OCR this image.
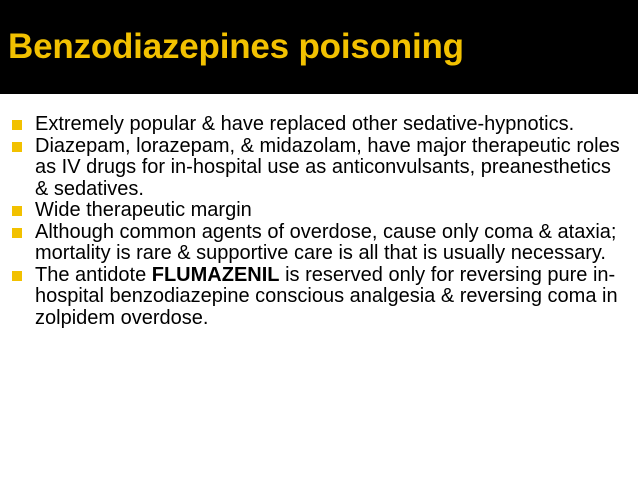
Benzodiazepines poisoning
Extremely popular & have replaced other sedative-hypnotics.
Diazepam, lorazepam, & midazolam, have major therapeutic roles as IV drugs for in-hospital use as anticonvulsants, preanesthetics & sedatives.
Wide therapeutic margin
Although common agents of overdose, cause only coma & ataxia; mortality is rare & supportive care is all that is usually necessary.
The antidote FLUMAZENIL is reserved only for reversing pure in-hospital benzodiazepine conscious analgesia & reversing coma in zolpidem overdose.
